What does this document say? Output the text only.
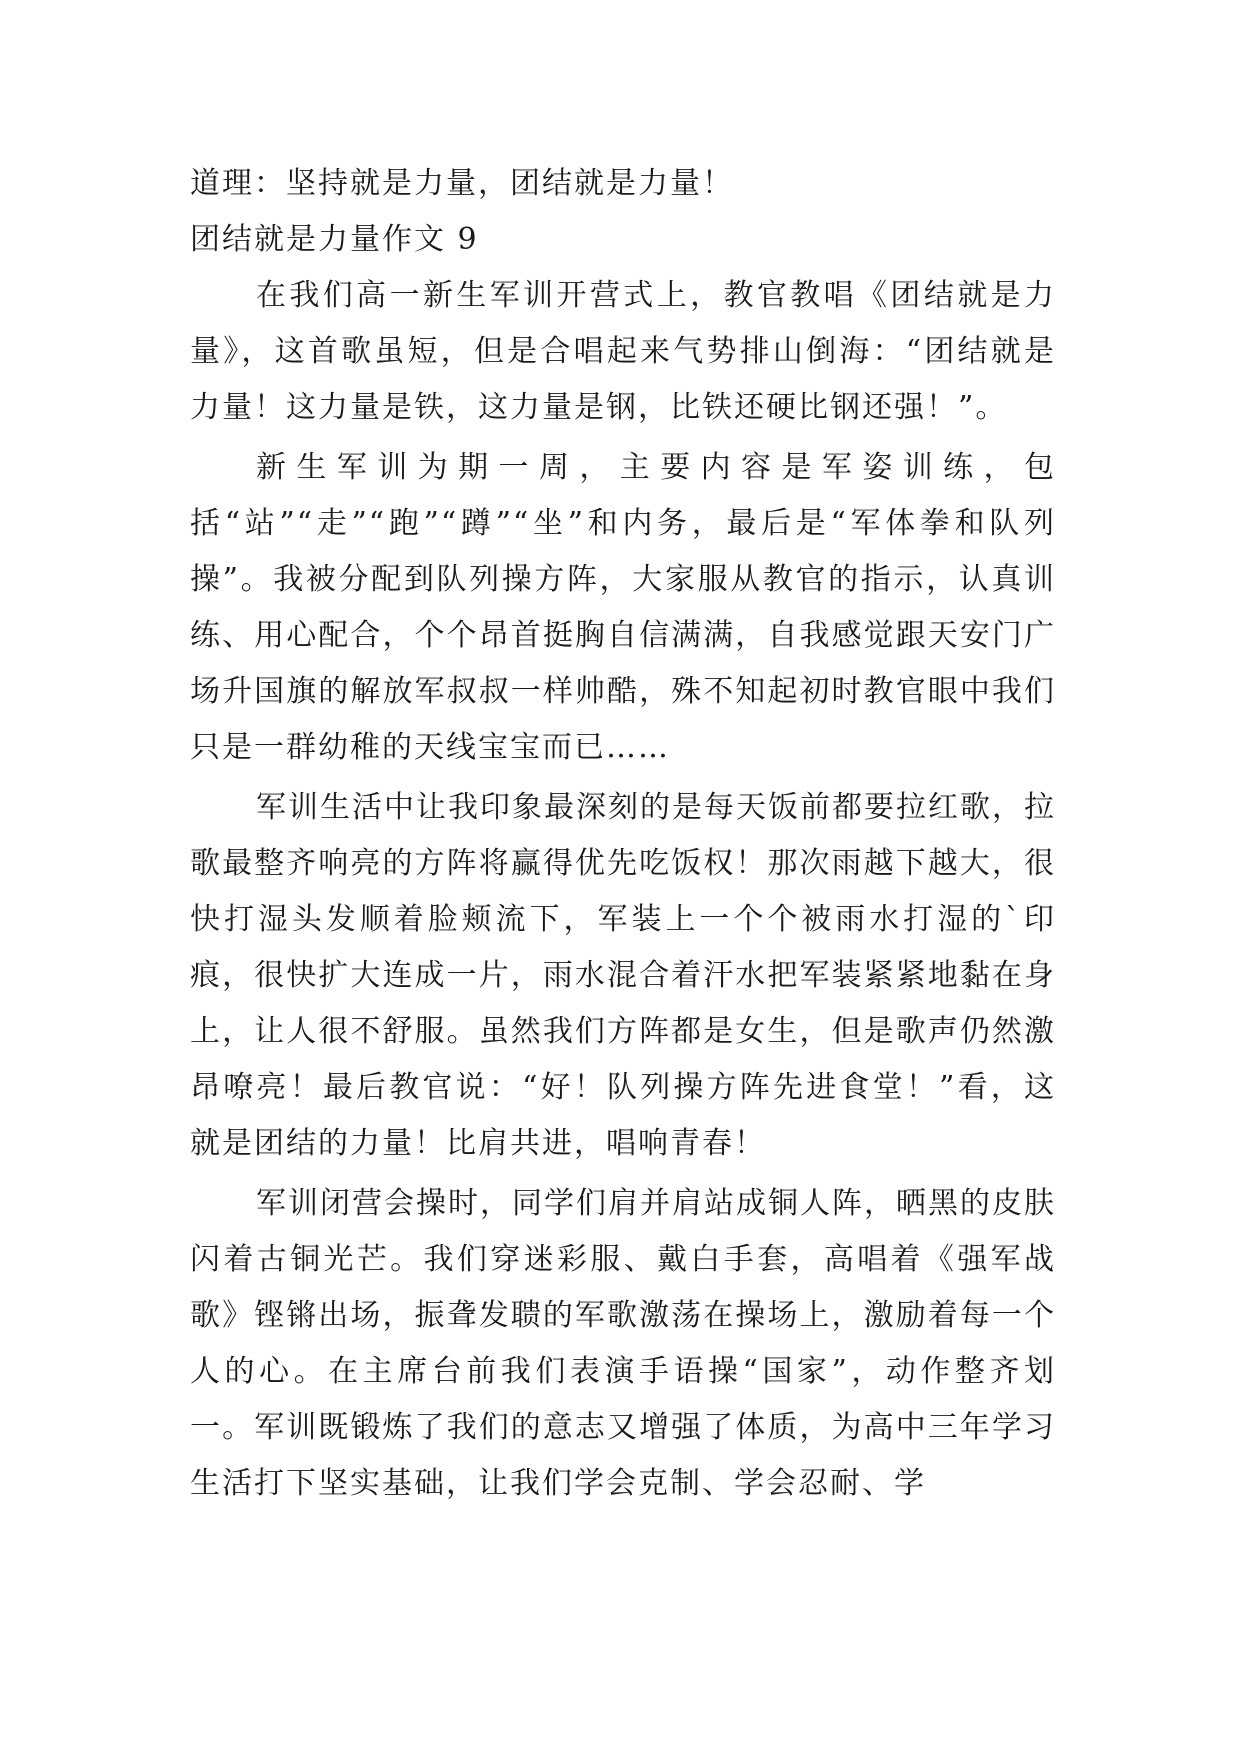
道理：坚持就是力量，团结就是力量！
团结就是力量作文 9

在我们高一新生军训开营式上，教官教唱《团结就是力量》，这首歌虽短，但是合唱起来气势排山倒海：“团结就是力量！这力量是铁，这力量是钢，比铁还硬比钢还强！”。

新生军训为期一周，主要内容是军姿训练，包括“站”“走”“跑”“蹲”“坐”和内务，最后是“军体拳和队列操”。我被分配到队列操方阵，大家服从教官的指示，认真训练、用心配合，个个昂首挺胸自信满满，自我感觉跟天安门广场升国旗的解放军叔叔一样帅酷，殊不知起初时教官眼中我们只是一群幼稚的天线宝宝而已……

军训生活中让我印象最深刻的是每天饭前都要拉红歌，拉歌最整齐响亮的方阵将赢得优先吃饭权！那次雨越下越大，很快打湿头发顺着脸颊流下，军装上一个个被雨水打湿的`印痕，很快扩大连成一片，雨水混合着汗水把军装紧紧地黏在身上，让人很不舒服。虽然我们方阵都是女生，但是歌声仍然激昂嘹亮！最后教官说：“好！队列操方阵先进食堂！”看，这就是团结的力量！比肩共进，唱响青春！

军训闭营会操时，同学们肩并肩站成铜人阵，晒黑的皮肤闪着古铜光芒。我们穿迷彩服、戴白手套，高唱着《强军战歌》铿锵出场，振聋发聩的军歌激荡在操场上，激励着每一个人的心。在主席台前我们表演手语操“国家”，动作整齐划一。军训既锻炼了我们的意志又增强了体质，为高中三年学习生活打下坚实基础，让我们学会克制、学会忍耐、学
